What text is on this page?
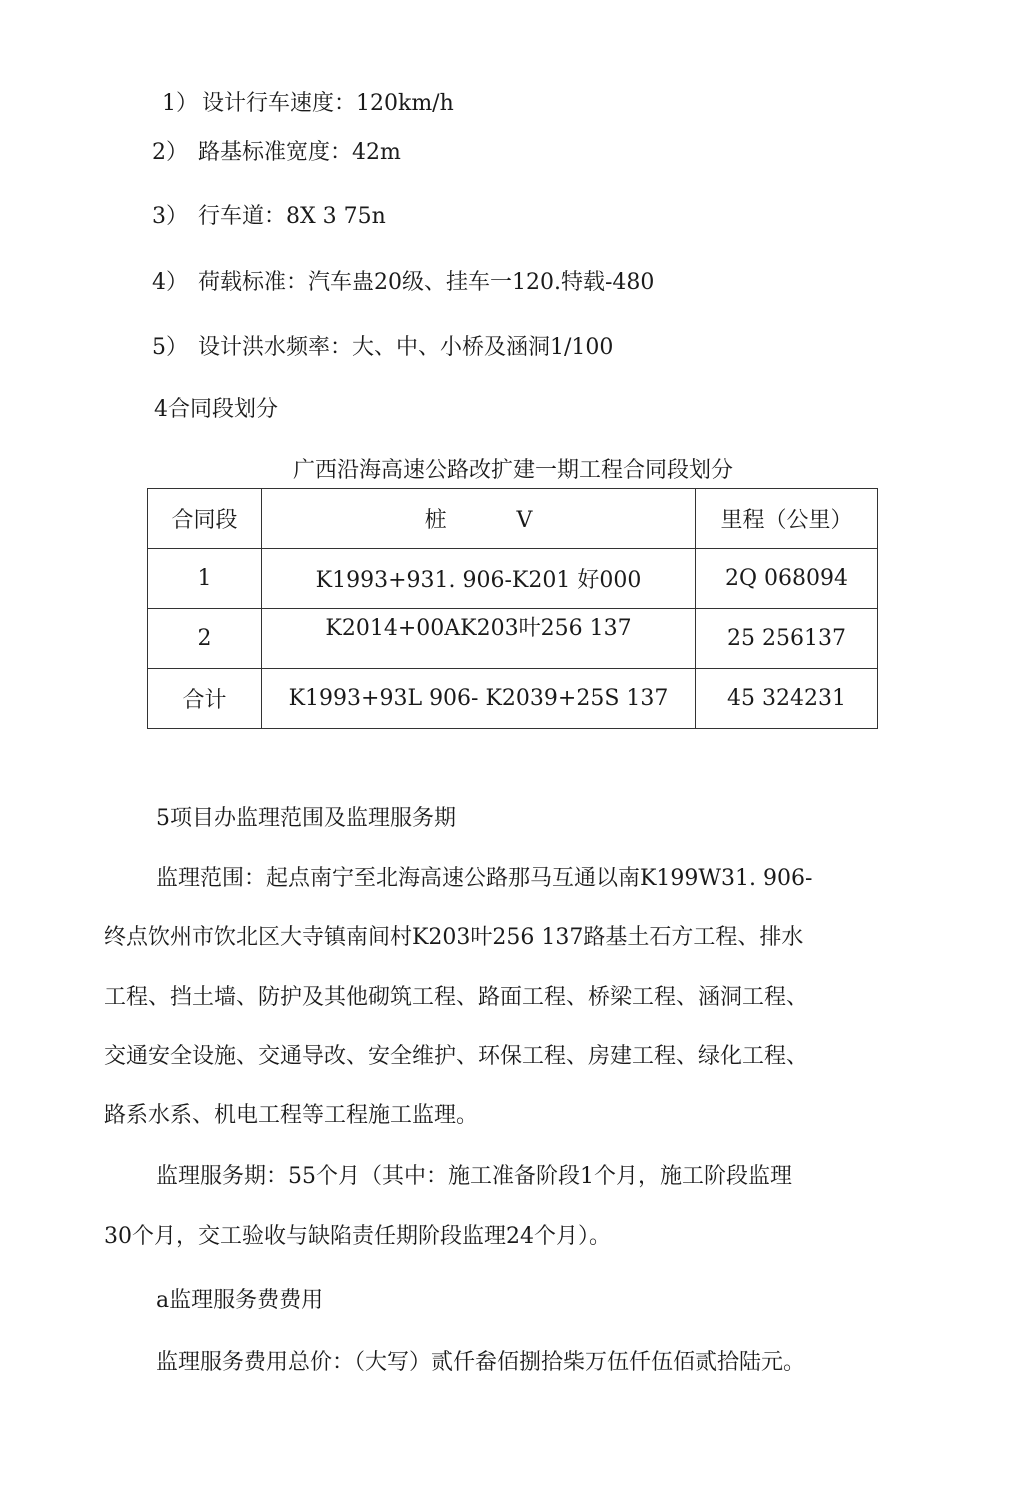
1） 设计行车速度：120km/h
2） 路基标准宽度：42m
3） 行车道：8X 3 75n
4） 荷载标准：汽车蛊20级、挂车一120.特载-480
5） 设计洪水频率：大、中、小桥及涵洞1/100
4合同段划分
广西沿海高速公路改扩建一期工程合同段划分
合同段	桩          V	里程（公里）
1	K1993+931. 906-K201 好000	2Q 068094
2	K2014+00AK203叶256 137	25 256137
合计	K1993+93L 906- K2039+25S 137	45 324231
5项目办监理范围及监理服务期
监理范围：起点南宁至北海高速公路那马互通以南K199W31. 906-
终点饮州市饮北区大寺镇南间村K203叶256 137路基土石方工程、排水
工程、挡土墙、防护及其他砌筑工程、路面工程、桥梁工程、涵洞工程、
交通安全设施、交通导改、安全维护、环保工程、房建工程、绿化工程、
路系水系、机电工程等工程施工监理。
监理服务期：55个月（其中：施工准备阶段1个月，施工阶段监理
30个月，交工验收与缺陷责任期阶段监理24个月）。
a监理服务费费用
监理服务费用总价：（大写）贰仟畚佰捌拾柴万伍仟伍佰贰拾陆元。
